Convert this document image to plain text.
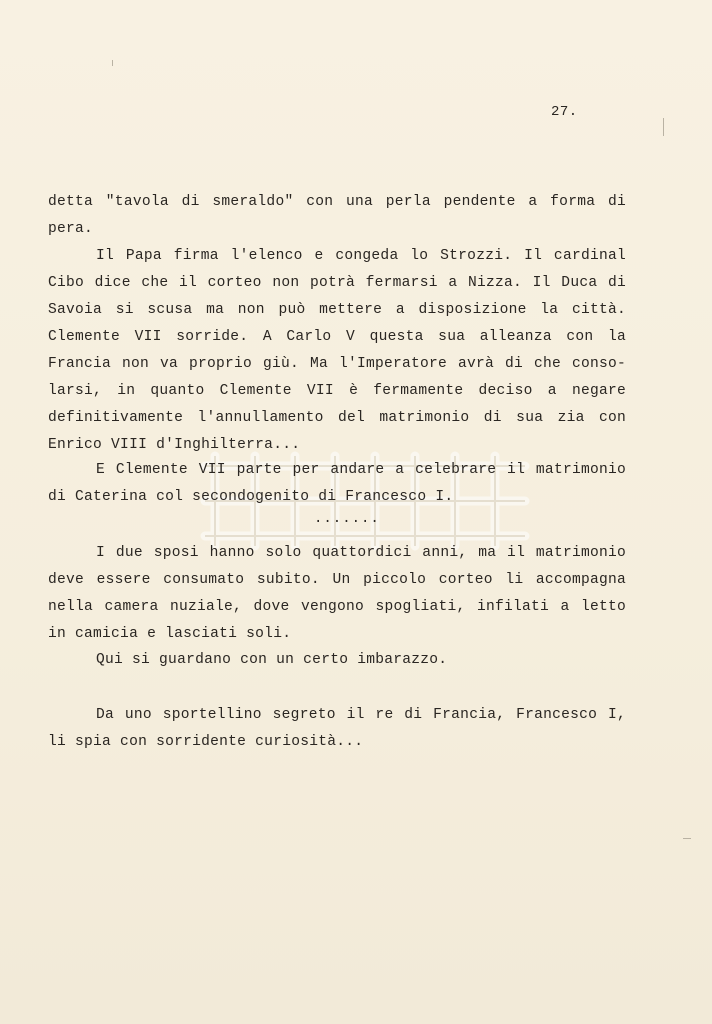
27.
detta "tavola di smeraldo" con una perla pendente a forma di
pera.
Il Papa firma l'elenco e congeda lo Strozzi. Il cardinal
Cibo dice che il corteo non potrà fermarsi a Nizza. Il Duca di
Savoia si scusa ma non può mettere a disposizione la città.
Clemente VII sorride. A Carlo V questa sua alleanza con la
Francia non va proprio giù. Ma l'Imperatore avrà di che conso-
larsi, in quanto Clemente VII è fermamente deciso a negare
definitivamente l'annullamento del matrimonio di sua zia con
Enrico VIII d'Inghilterra...
E Clemente VII parte per andare a celebrare il matrimonio
di Caterina col secondogenito di Francesco I.
·······
I due sposi hanno solo quattordici anni, ma il matrimonio
deve essere consumato subito. Un piccolo corteo li accompagna
nella camera nuziale, dove vengono spogliati, infilati a letto
in camicia e lasciati soli.
Qui si guardano con un certo imbarazzo.
Da uno sportellino segreto il re di Francia, Francesco I,
li spia con sorridente curiosità...
